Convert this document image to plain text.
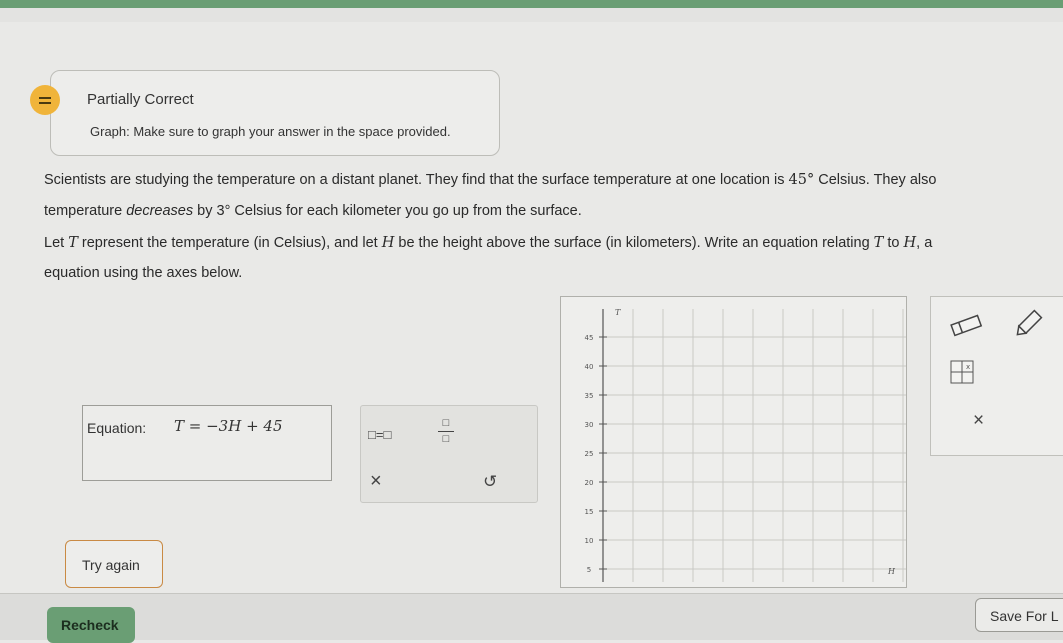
Partially Correct
Graph: Make sure to graph your answer in the space provided.
Scientists are studying the temperature on a distant planet. They find that the surface temperature at one location is 45° Celsius. They also
temperature decreases by 3° Celsius for each kilometer you go up from the surface.
Let T represent the temperature (in Celsius), and let H be the height above the surface (in kilometers). Write an equation relating T to H, a
equation using the axes below.
Equation: T = −3H + 45	□=□
□
□
×	↺
45
40
35
30
25
20
15
10
5
T
H
x
×
Try again
Recheck
Save For L
